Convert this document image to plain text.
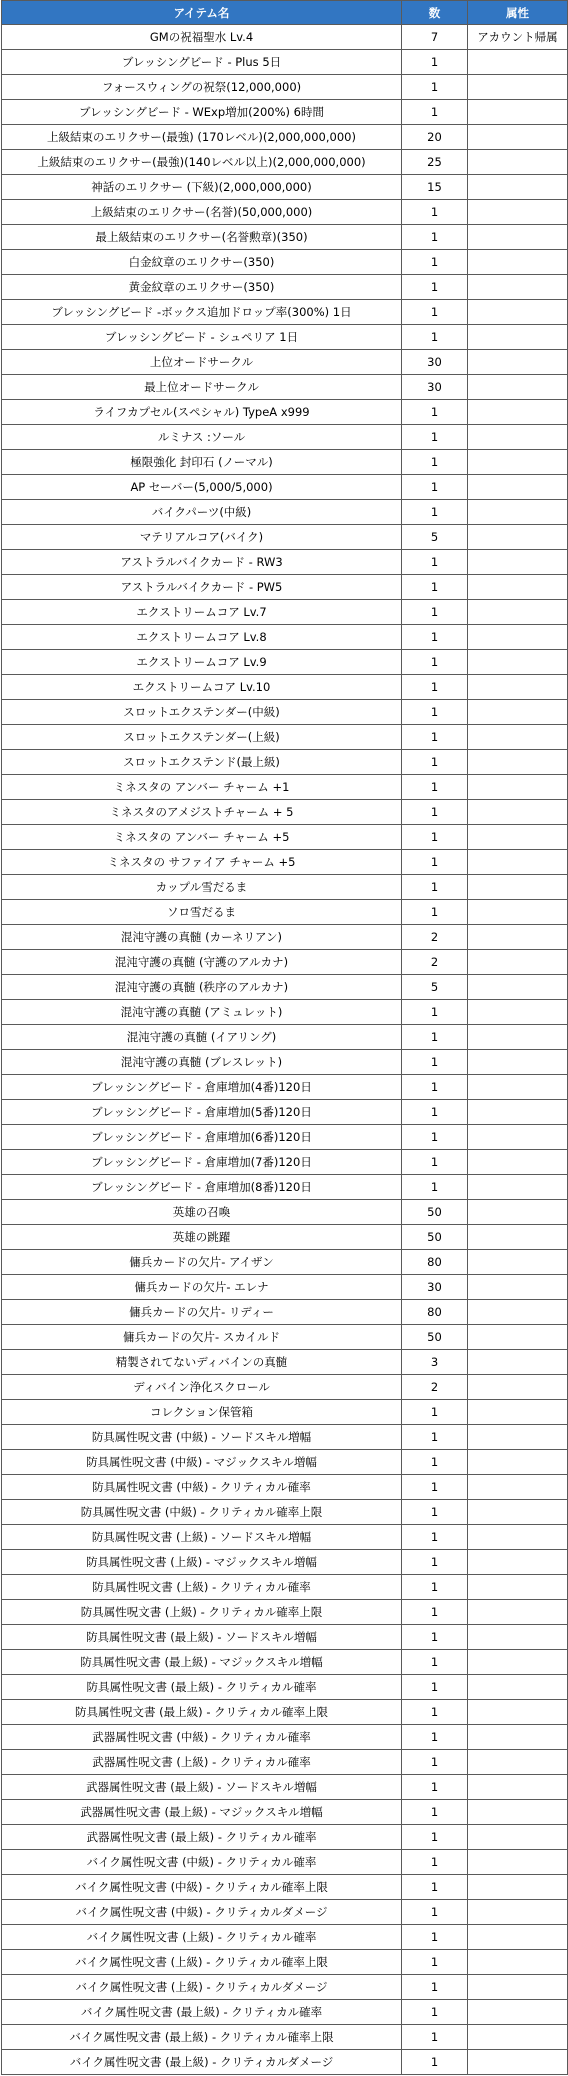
アイテム名	数	属性
GMの祝福聖水 Lv.4	7	アカウント帰属
ブレッシングビード - Plus 5日	1	
フォースウィングの祝祭(12,000,000)	1	
ブレッシングビード - WExp増加(200%) 6時間	1	
上級結束のエリクサー(最強) (170レベル)(2,000,000,000)	20	
上級結束のエリクサー(最強)(140レベル以上)(2,000,000,000)	25	
神話のエリクサー (下級)(2,000,000,000)	15	
上級結束のエリクサー(名誉)(50,000,000)	1	
最上級結束のエリクサー(名誉勲章)(350)	1	
白金紋章のエリクサー(350)	1	
黄金紋章のエリクサー(350)	1	
ブレッシングビード -ボックス追加ドロップ率(300%) 1日	1	
ブレッシングビード - シュペリア 1日	1	
上位オードサークル	30	
最上位オードサークル	30	
ライフカプセル(スペシャル) TypeA x999	1	
ルミナス :ソール	1	
極限強化 封印石 (ノーマル)	1	
AP セーバー(5,000/5,000)	1	
バイクパーツ(中級)	1	
マテリアルコア(バイク)	5	
アストラルバイクカード - RW3	1	
アストラルバイクカード - PW5	1	
エクストリームコア Lv.7	1	
エクストリームコア Lv.8	1	
エクストリームコア Lv.9	1	
エクストリームコア Lv.10	1	
スロットエクステンダー(中級)	1	
スロットエクステンダー(上級)	1	
スロットエクステンド(最上級)	1	
ミネスタの アンバー チャーム +1	1	
ミネスタのアメジストチャーム + 5	1	
ミネスタの アンバー チャーム +5	1	
ミネスタの サファイア チャーム +5	1	
カップル雪だるま	1	
ソロ雪だるま	1	
混沌守護の真髄 (カーネリアン)	2	
混沌守護の真髄 (守護のアルカナ)	2	
混沌守護の真髄 (秩序のアルカナ)	5	
混沌守護の真髄 (アミュレット)	1	
混沌守護の真髄 (イアリング)	1	
混沌守護の真髄 (ブレスレット)	1	
ブレッシングビード - 倉庫増加(4番)120日	1	
ブレッシングビード - 倉庫増加(5番)120日	1	
ブレッシングビード - 倉庫増加(6番)120日	1	
ブレッシングビード - 倉庫増加(7番)120日	1	
ブレッシングビード - 倉庫増加(8番)120日	1	
英雄の召喚	50	
英雄の跳躍	50	
傭兵カードの欠片- アイザン	80	
傭兵カードの欠片- エレナ	30	
傭兵カードの欠片- リディー	80	
傭兵カードの欠片- スカイルド	50	
精製されてないディバインの真髄	3	
ディバイン浄化スクロール	2	
コレクション保管箱	1	
防具属性呪文書 (中級) - ソードスキル増幅	1	
防具属性呪文書 (中級) - マジックスキル増幅	1	
防具属性呪文書 (中級) - クリティカル確率	1	
防具属性呪文書 (中級) - クリティカル確率上限	1	
防具属性呪文書 (上級) - ソードスキル増幅	1	
防具属性呪文書 (上級) - マジックスキル増幅	1	
防具属性呪文書 (上級) - クリティカル確率	1	
防具属性呪文書 (上級) - クリティカル確率上限	1	
防具属性呪文書 (最上級) - ソードスキル増幅	1	
防具属性呪文書 (最上級) - マジックスキル増幅	1	
防具属性呪文書 (最上級) - クリティカル確率	1	
防具属性呪文書 (最上級) - クリティカル確率上限	1	
武器属性呪文書 (中級) - クリティカル確率	1	
武器属性呪文書 (上級) - クリティカル確率	1	
武器属性呪文書 (最上級) - ソードスキル増幅	1	
武器属性呪文書 (最上級) - マジックスキル増幅	1	
武器属性呪文書 (最上級) - クリティカル確率	1	
バイク属性呪文書 (中級) - クリティカル確率	1	
バイク属性呪文書 (中級) - クリティカル確率上限	1	
バイク属性呪文書 (中級) - クリティカルダメージ	1	
バイク属性呪文書 (上級) - クリティカル確率	1	
バイク属性呪文書 (上級) - クリティカル確率上限	1	
バイク属性呪文書 (上級) - クリティカルダメージ	1	
バイク属性呪文書 (最上級) - クリティカル確率	1	
バイク属性呪文書 (最上級) - クリティカル確率上限	1	
バイク属性呪文書 (最上級) - クリティカルダメージ	1	
